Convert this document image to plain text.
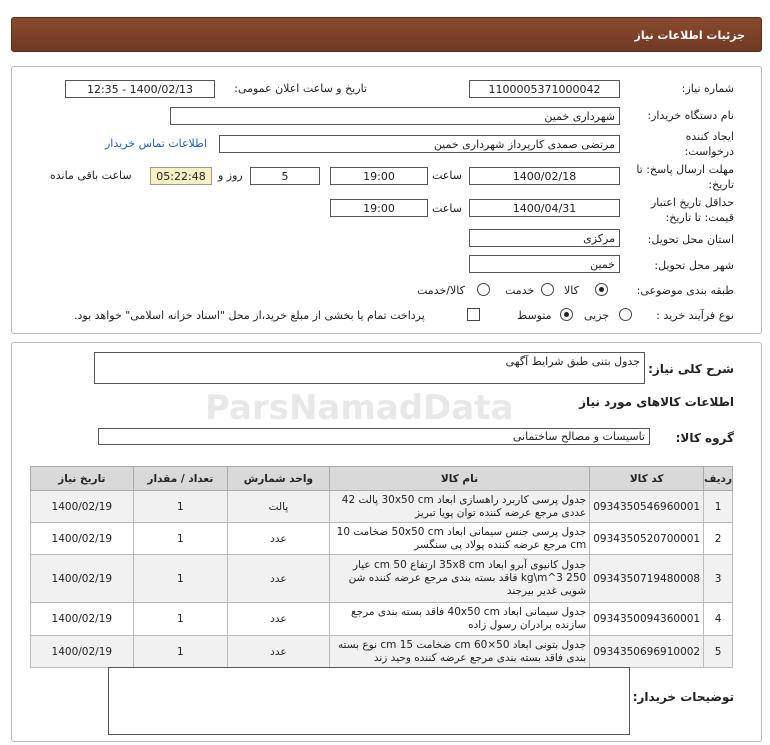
جزئیات اطلاعات نیاز
شماره نیاز:
1100005371000042
تاریخ و ساعت اعلان عمومی:
1400/02/13 - 12:35
نام دستگاه خریدار:
شهرداری خمین
ایجاد کننده درخواست:
مرتضی صمدی کارپرداز شهرداری خمین
اطلاعات تماس خریدار
مهلت ارسال پاسخ: تا تاریخ:
1400/02/18
ساعت
19:00
5
روز و
05:22:48
ساعت باقی مانده
حداقل تاریخ اعتبار قیمت: تا تاریخ:
1400/04/31
ساعت
19:00
استان محل تحویل:
مرکزی
شهر محل تحویل:
خمین
طبقه بندی موضوعی:
کالا
خدمت
کالا/خدمت
نوع فرآیند خرید :
جزیی
متوسط
پرداخت تمام یا بخشی از مبلغ خرید،از محل "اسناد خزانه اسلامی" خواهد بود.
شرح کلی نیاز:
جدول بتنی طبق شرایط آگهی
اطلاعات کالاهای مورد نیاز
گروه کالا:
تاسیسات و مصالح ساختمانی
ردیف	کد کالا	نام کالا	واحد شمارش	تعداد / مقدار	تاریخ نیاز
1	0934350546960001	جدول پرسی کاربرد راهسازی ابعاد 30x50 cm پالت 42 عددی مرجع عرضه کننده توان پویا تبریز	پالت	1	1400/02/19
2	0934350520700001	جدول پرسی جنس سیمانی ابعاد 50x50 cm ضخامت 10 cm مرجع عرضه کننده پولاد پی سنگسر	عدد	1	1400/02/19
3	0934350719480008	جدول کانیوی آبرو ابعاد 35x8 cm ارتفاع 50 cm عیار 250 kg\m^3 فاقد بسته بندی مرجع عرضه کننده شن شویی غدیر بیرجند	عدد	1	1400/02/19
4	0934350094360001	جدول سیمانی ابعاد 40x50 cm فاقد بسته بندی مرجع سازنده برادران رسول زاده	عدد	1	1400/02/19
5	0934350696910002	جدول بتونی ابعاد 50×60 cm ضخامت 15 cm نوع بسته بندی فاقد بسته بندی مرجع عرضه کننده وحید زند	عدد	1	1400/02/19
توضیحات خریدار:
